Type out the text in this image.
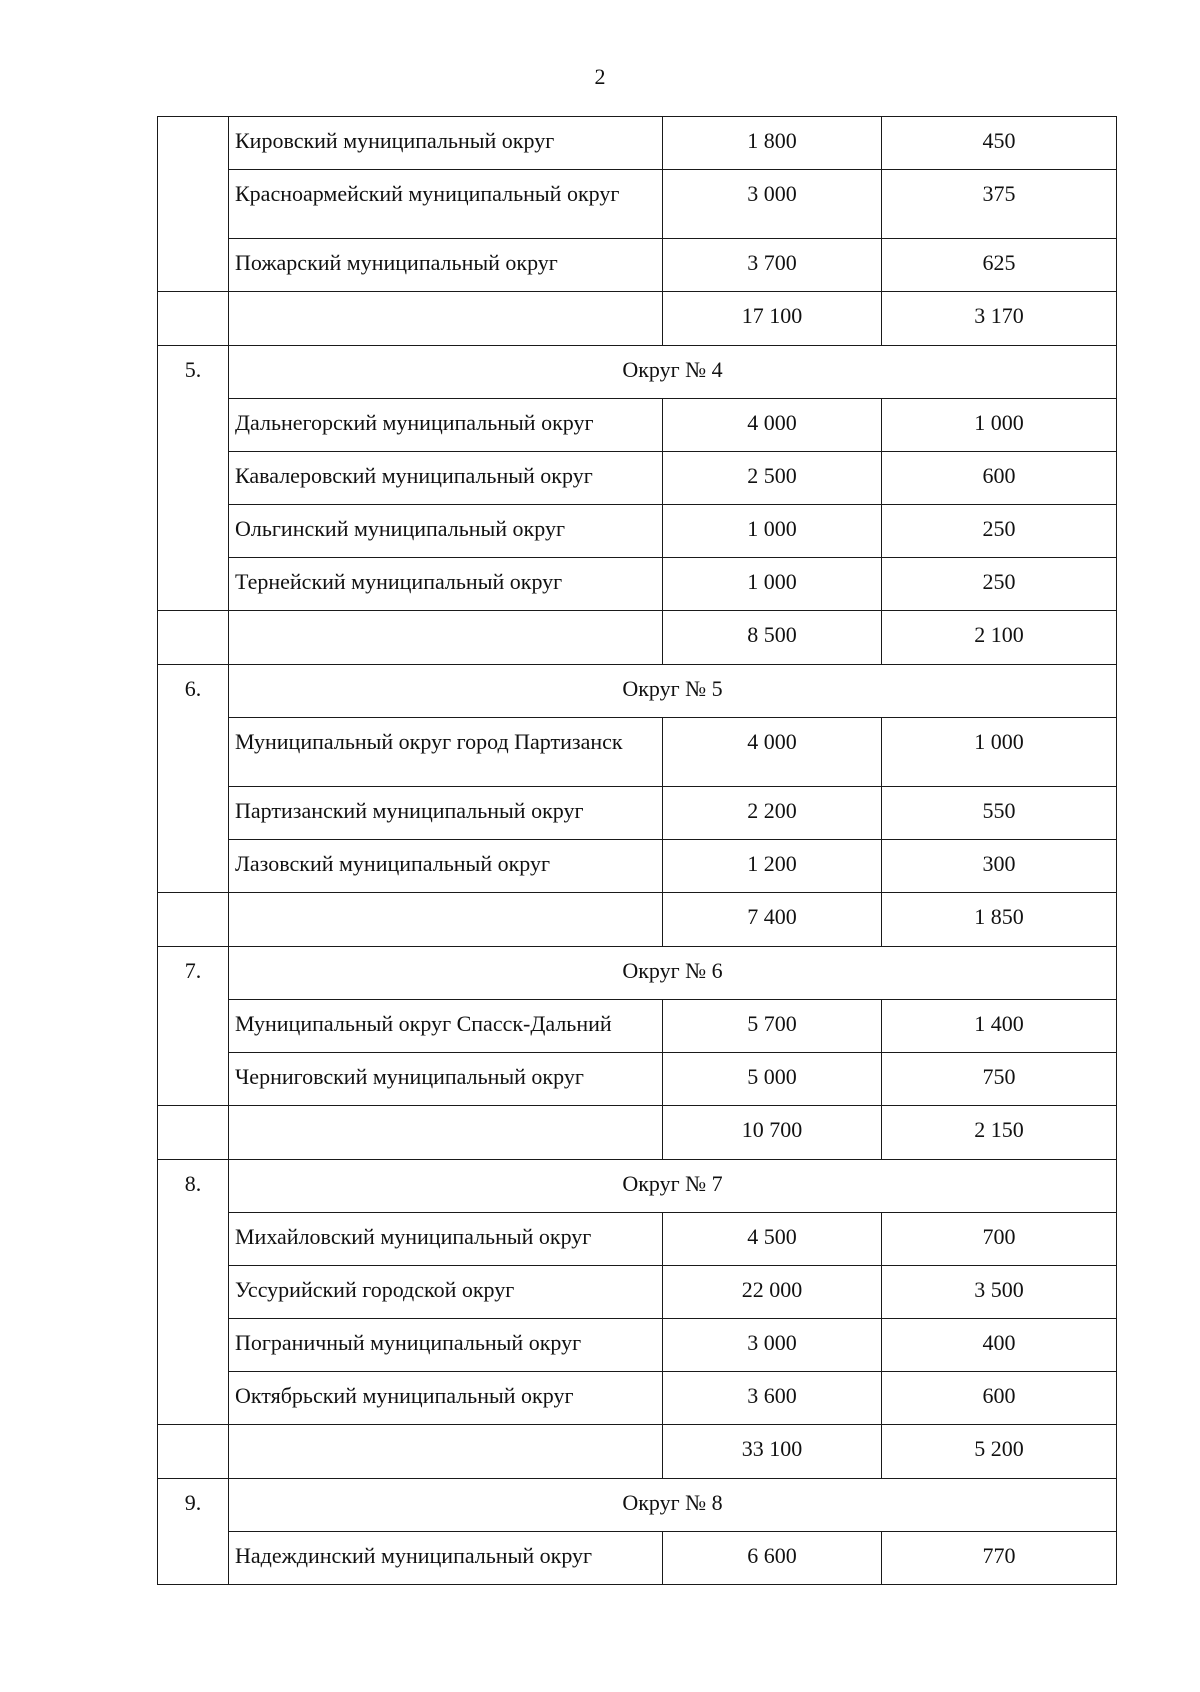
2
	Кировский муниципальный округ	1 800	450
	Красноармейский муниципальный округ	3 000	375
	Пожарский муниципальный округ	3 700	625
		17 100	3 170
5.	Округ № 4		
	Дальнегорский муниципальный округ	4 000	1 000
	Кавалеровский муниципальный округ	2 500	600
	Ольгинский муниципальный округ	1 000	250
	Тернейский муниципальный округ	1 000	250
		8 500	2 100
6.	Округ № 5		
	Муниципальный округ город Партизанск	4 000	1 000
	Партизанский муниципальный округ	2 200	550
	Лазовский муниципальный округ	1 200	300
		7 400	1 850
7.	Округ № 6		
	Муниципальный округ Спасск-Дальний	5 700	1 400
	Черниговский муниципальный округ	5 000	750
		10 700	2 150
8.	Округ № 7		
	Михайловский муниципальный округ	4 500	700
	Уссурийский городской округ	22 000	3 500
	Пограничный муниципальный округ	3 000	400
	Октябрьский муниципальный округ	3 600	600
		33 100	5 200
9.	Округ № 8		
	Надеждинский муниципальный округ	6 600	770
